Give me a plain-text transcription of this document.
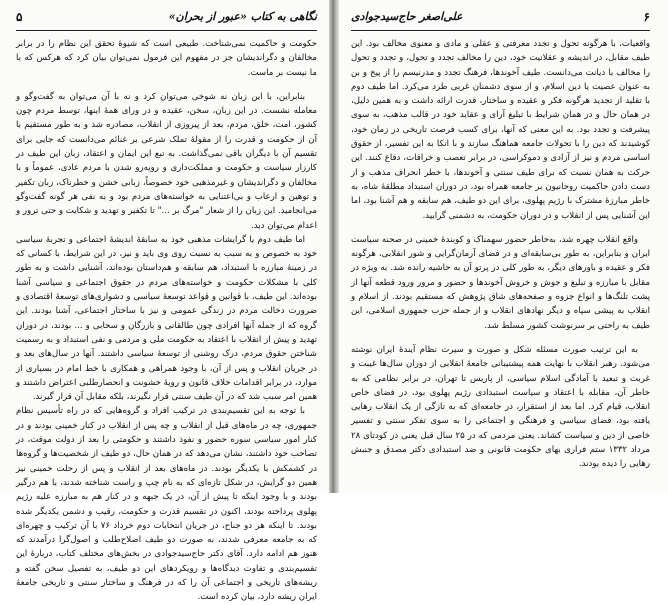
۵	نگاهی به کتاب «عبور از بحران»

حکومت و حاکمیت نمی‌شناخت. طبیعی است که شیوهٔ تحقق این نظام را در برابر مخالفان و دگراندیشان جز در مفهوم این فرمول نمی‌توان بیان کرد که هرکس که با ما نیست بر ماست.

بنابراین، با این زبان نه شوخی می‌توان کرد و نه با آن می‌توان به گفت‌وگو و معامله نشست. در این زبان، سخن، عقیده و در ورای همهٔ اینها، توسط مردم چون کشور، امت، خلق، مردم، بعد از پیروزی از انقلاب، مصادره شد و به طور مستقیم با آن از حکومت و قدرت را از مقولهٔ تملک شرعی بر غنائم می‌دانست که جایی برای تقسیم آن با دیگران باقی نمی‌گذاشت. به تبع این ایمان و اعتقاد، زبان این طیف در کارزار سیاست و حکومت و مملکت‌داری و رویه‌رو شدن با مردم عادی، عموماً و با مخالفان و دگراندیشان و غیرمذهبی خود خصوصاً، زبانی خشن و خطرناک، زبان تکفیر و توهین و ارعاب و بی‌اعتنایی به خواسته‌های مردم بود و به نفی هر گونه گفت‌وگو می‌انجامید. این زبان را از شعار "مرگ بر ..." تا تکفیر و تهدید و شکایت و حتی ترور و اعدام می‌توان دید.

اما طیف دوم یا گرایشات مذهبی خود به سابقهٔ اندیشهٔ اجتماعی و تجربهٔ سیاسی خود به خصوص و به سبب به نسبت روی وی باید و نیز، در این شرایط، با کسانی که در زمینهٔ مبارزه با استبداد، هم سابقه و هم‌داستان بوده‌اند، آشنایی داشت و به طور کلی با مشکلات حکومت و خواسته‌های مردم در حقوق اجتماعی و سیاسی آشنا بوده‌اند. این طیف، با قوانین و قواعد توسعهٔ سیاسی و دشواری‌های توسعهٔ اقتصادی و ضرورت دخالت مردم در زندگی عمومی و نیز با ساختار اجتماعی، آشنا بودند. این گروه که از جمله آنها افرادی چون طالقانی و بازرگان و سحابی و ... بودند، در دوران تهدید و پیش از انقلاب با اعتقاد به حکومت ملی و مردمی و نفی استبداد و به رسمیت شناختن حقوق مردم، درک روشنی از توسعهٔ سیاسی داشتند. آنها در سال‌های بعد و در جریان انقلاب و پس از آن، با وجود همراهی و همکاری با خط امام در بسیاری از موارد، در برابر اقدامات خلاف قانون و رویهٔ خشونت و انحصارطلبی اعتراض داشتند و همین امر سبب شد که در آن طیف سنتی قرار نگیرند، بلکه مقابل آن قرار گیرند.

با توجه به این تقسیم‌بندی در ترکیب افراد و گروه‌هایی که در راه تأسیس نظام جمهوری، چه در ماه‌های قبل از انقلاب و چه پس از انقلاب در کنار خمینی بودند و در کنار امور سیاسی سوره حضور و نفوذ داشتند و حکومتی را بعد از دولت موقت، در تصاحب خود داشتند، نشان می‌دهد که در همان حال، دو طیف از شخصیت‌ها و گروه‌ها در کشمکش با یکدیگر بودند. در ماه‌های بعد از انقلاب و پس از رحلت خمینی نیز همین دو گرایش، در شکل تازه‌ای که به نام چپ و راست شناخته شدند، با هم درگیر بودند و با وجود اینکه تا پیش از آن، در یک جبهه و در کنار هم به مبارزه علیه رژیم پهلوی پرداخته بودند، اکنون در تقسیم قدرت و حکومت، رقیب و دشمن یکدیگر شده بودند. تا اینکه هر دو جناح، در جریان انتخابات دوم خرداد ۷۶ با آن ترکیب و چهره‌ای که به جامعه معرفی شدند، به صورت دو طیف اصلاح‌طلب و اصول‌گرا درآمدند که هنوز هم ادامه دارد. آقای دکتر حاج‌سیدجوادی در بخش‌های مختلف کتاب، دربارهٔ این تقسیم‌بندی و تفاوت دیدگاه‌ها و رویکردهای این دو طیف، به تفصیل سخن گفته و ریشه‌های تاریخی و اجتماعی آن را که در فرهنگ و ساختار سنتی و تاریخی جامعهٔ ایران ریشه دارد، بیان کرده است.

۶
علی‌اصغر حاج‌سیدجوادی

واقعیات، با هرگونه تحول و تجدد معرفتی و عقلی و مادی و معنوی مخالف بود. این طیف مقابل، در اندیشه و عقلانیت خود، دین را مخالف تجدد و تحول، و تجدد و تحول را مخالف با دیانت می‌دانست. طیف آخوندها، فرهنگ تجدد و مدرنیسم را از پیخ و بن به عنوان عصیت یا دین اسلام، و از سوی دشمنان غربی طرد می‌کرد. اما طیف دوم با تقلید از تجدید هرگونه فکر و عقیده و ساختار، قدرت ارائه داشت و به همین دلیل، در همان حال و در همان شرایط با تبلیغ آرای و عقاید خود در قالب مذهب، به سوی پیشرفت و تجدد بود. به این معنی که آنها، برای کسب فرصت تاریخی در زمان خود، کوشیدند که دین را با تحولات جامعه هماهنگ سازند و با اتکا به این تفسیر، از حقوق اساسی مردم و نیز از آزادی و دموکراسی، در برابر تعصب و خرافات، دفاع کنند. این حرکت به همان نسبت که برای طیف سنتی و آخوندها، با خطر انحراف مذهب و از دست دادن حاکمیت روحانیون بر جامعه همراه بود، در دوران استبداد مطلقهٔ شاه، به خاطر مبارزهٔ مشترک با رژیم پهلوی، برای این دو طیف، هم سابقه و هم آشنا بود، اما این آشنایی پس از انقلاب و در دوران حکومت، به دشمنی گرایید.

واقع انقلاب چهره شد، به‌خاطر حضور سهمناک و کوبندهٔ خمینی در صحنه سیاست ایران و بنابراین، به طور بی‌سابقه‌ای و در فضای آرمان‌گرایی و شور انقلابی، هرگونه فکر و عقیده و باورهای دیگر، به طور کلی در پرتو آن به حاشیه رانده شد. به ویژه در مقابل با مبارزه و تبلیغ و جوش و خروش آخوندها و حضور و مرور ورود قطعه آنها از پشت تلنگ‌ها و انواع جزوه و صفحه‌های شاق پژوهش که مستقیم بودند. از اسلام و انقلاب به پیشی سپاه و دیگر نهادهای انقلاب و از جمله حزب جمهوری اسلامی، این طیف به راحتی بر سرنوشت کشور مسلط شد.

به این ترتیب صورت مسئله شکل و صورت و سیرت نظام آیندهٔ ایران نوشته می‌شود. رهبر انقلاب با نهایت همه پیشتیبانی جامعهٔ انقلابی از دوران سال‌ها غیبت و غربت و تبعید با آمادگی اسلام سیاسی، از پاریس تا تهران، در برابر نظامی که به خاطر آن، مقابله با اعتقاد و سیاست استبدادی رژیم پهلوی بود، در فضای خاص انقلاب، قیام کرد. اما بعد از استقرار، در جامعه‌ای که به تازگی از یک انقلاب رهایی یافته بود، فضای سیاسی و فرهنگی و اجتماعی را به سوی تفکر سنتی و تفسیر خاصی از دین و سیاست کشاند. یعنی مردمی که در ۲۵ سال قبل یعنی در کودتای ۲۸ مرداد ۱۳۳۲ ستم فراری بهای حکومت قانونی و ضد استبدادی دکتر مصدق و جنبش رهایی را دیده بودند.
